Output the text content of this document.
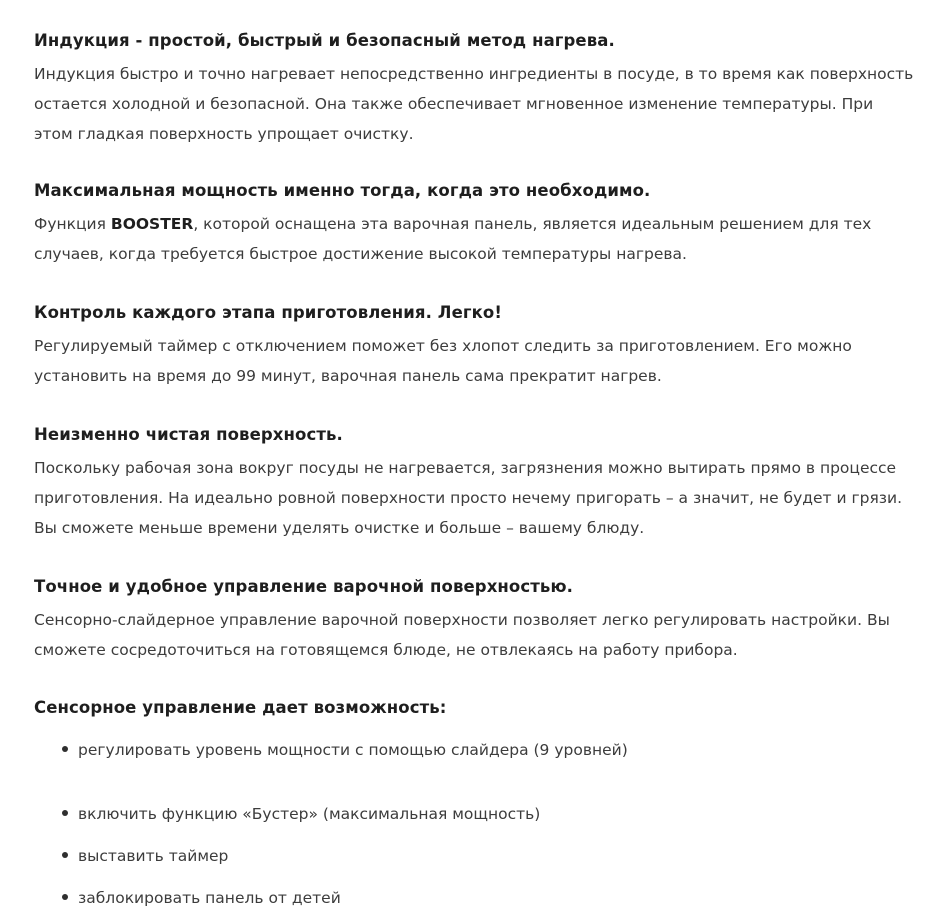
Индукция - простой, быстрый и безопасный метод нагрева.

Индукция быстро и точно нагревает непосредственно ингредиенты в посуде, в то время как поверхность остается холодной и безопасной. Она также обеспечивает мгновенное изменение температуры. При этом гладкая поверхность упрощает очистку.

Максимальная мощность именно тогда, когда это необходимо.

Функция BOOSTER, которой оснащена эта варочная панель, является идеальным решением для тех случаев, когда требуется быстрое достижение высокой температуры нагрева.

Контроль каждого этапа приготовления. Легко!

Регулируемый таймер с отключением поможет без хлопот следить за приготовлением. Его можно установить на время до 99 минут, варочная панель сама прекратит нагрев.

Неизменно чистая поверхность.

Поскольку рабочая зона вокруг посуды не нагревается, загрязнения можно вытирать прямо в процессе приготовления. На идеально ровной поверхности просто нечему пригорать – а значит, не будет и грязи. Вы сможете меньше времени уделять очистке и больше – вашему блюду.

Точное и удобное управление варочной поверхностью.

Сенсорно-слайдерное управление варочной поверхности позволяет легко регулировать настройки. Вы сможете сосредоточиться на готовящемся блюде, не отвлекаясь на работу прибора.

Сенсорное управление дает возможность:

регулировать уровень мощности с помощью слайдера (9 уровней)

включить функцию «Бустер» (максимальная мощность)

выставить таймер

заблокировать панель от детей
